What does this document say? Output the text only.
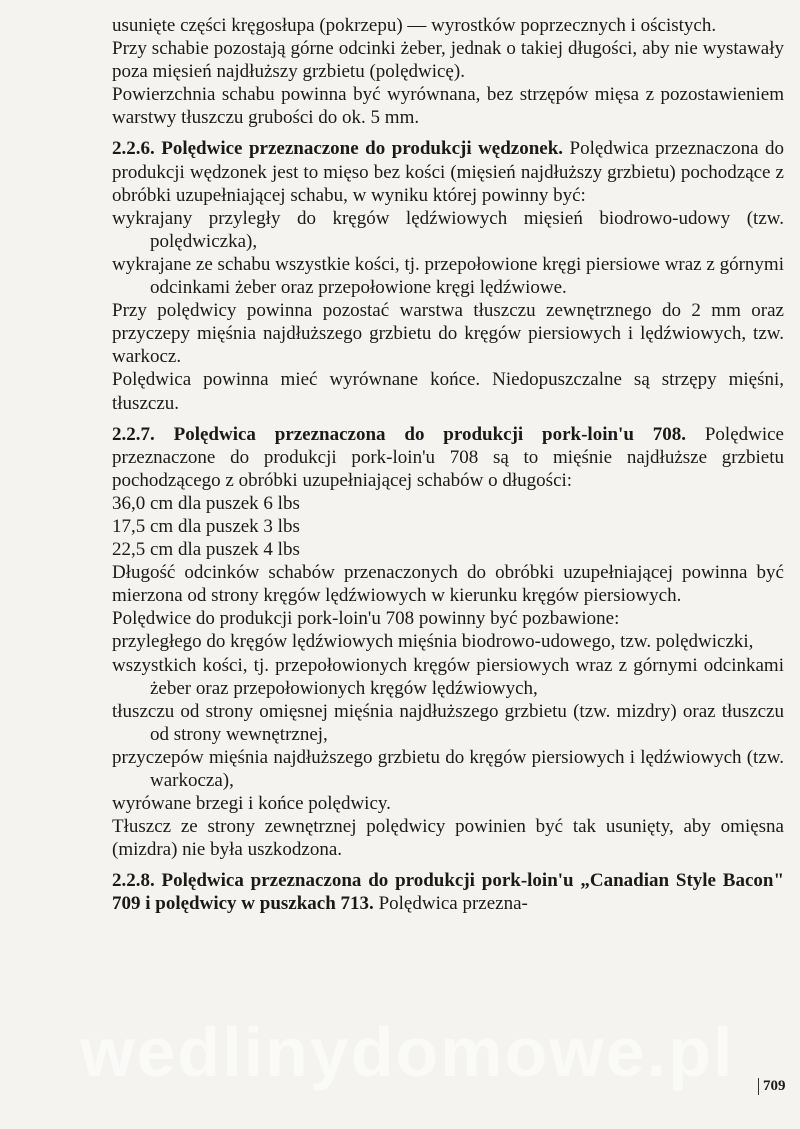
usunięte części kręgosłupa (pokrzepu) — wyrostków poprzecznych i ościstych.

Przy schabie pozostają górne odcinki żeber, jednak o takiej długości, aby nie wystawały poza mięsień najdłuższy grzbietu (polędwicę).

Powierzchnia schabu powinna być wyrównana, bez strzępów mięsa z pozostawieniem warstwy tłuszczu grubości do ok. 5 mm.

2.2.6. Polędwice przeznaczone do produkcji wędzonek. Polędwica przeznaczona do produkcji wędzonek jest to mięso bez kości (mięsień najdłuższy grzbietu) pochodzące z obróbki uzupełniającej schabu, w wyniku której powinny być:

wykrajany przyległy do kręgów lędźwiowych mięsień biodrowo-udowy (tzw. polędwiczka),

wykrajane ze schabu wszystkie kości, tj. przepołowione kręgi piersiowe wraz z górnymi odcinkami żeber oraz przepołowione kręgi lędźwiowe.

Przy polędwicy powinna pozostać warstwa tłuszczu zewnętrznego do 2 mm oraz przyczepy mięśnia najdłuższego grzbietu do kręgów piersiowych i lędźwiowych, tzw. warkocz.

Polędwica powinna mieć wyrównane końce. Niedopuszczalne są strzępy mięśni, tłuszczu.

2.2.7. Polędwica przeznaczona do produkcji pork-loin'u 708. Polędwice przeznaczone do produkcji pork-loin'u 708 są to mięśnie najdłuższe grzbietu pochodzącego z obróbki uzupełniającej schabów o długości:

36,0 cm dla puszek 6 lbs

17,5 cm dla puszek 3 lbs

22,5 cm dla puszek 4 lbs

Długość odcinków schabów przenaczonych do obróbki uzupełniającej powinna być mierzona od strony kręgów lędźwiowych w kierunku kręgów piersiowych.

Polędwice do produkcji pork-loin'u 708 powinny być pozbawione:

przyległego do kręgów lędźwiowych mięśnia biodrowo-udowego, tzw. polędwiczki,

wszystkich kości, tj. przepołowionych kręgów piersiowych wraz z górnymi odcinkami żeber oraz przepołowionych kręgów lędźwiowych,

tłuszczu od strony omięsnej mięśnia najdłuższego grzbietu (tzw. mizdry) oraz tłuszczu od strony wewnętrznej,

przyczepów mięśnia najdłuższego grzbietu do kręgów piersiowych i lędźwiowych (tzw. warkocza),

wyrówane brzegi i końce polędwicy.

Tłuszcz ze strony zewnętrznej polędwicy powinien być tak usunięty, aby omięsna (mizdra) nie była uszkodzona.

2.2.8. Polędwica przeznaczona do produkcji pork-loin'u „Canadian Style Bacon" 709 i polędwicy w puszkach 713. Polędwica przezna-

wedlinydomowe.pl	709
